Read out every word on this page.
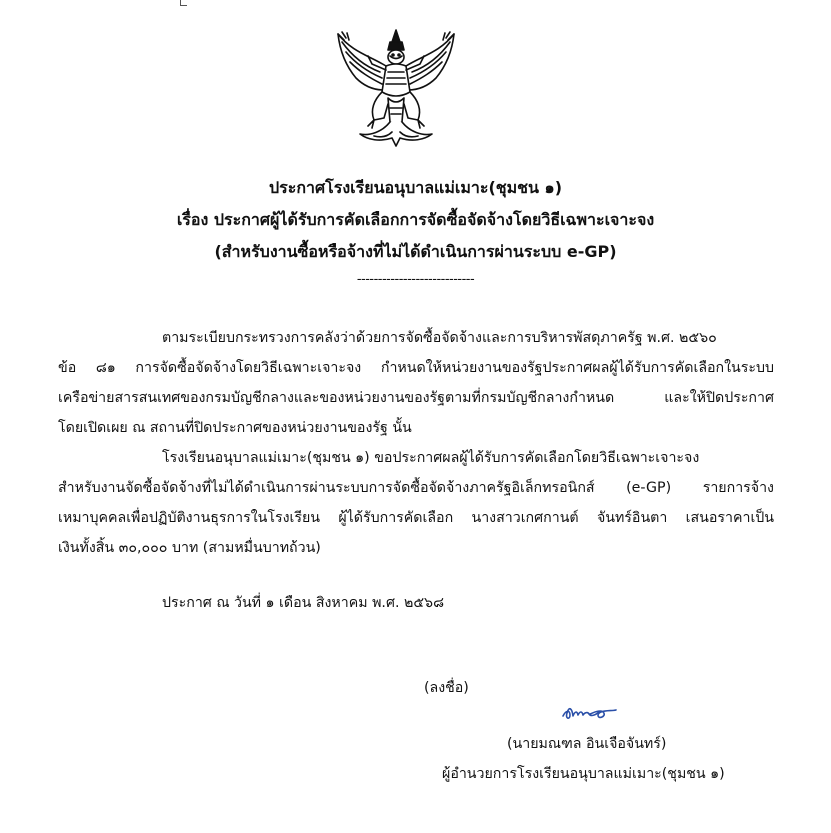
ประกาศโรงเรียนอนุบาลแม่เมาะ(ชุมชน ๑)
เรื่อง ประกาศผู้ได้รับการคัดเลือกการจัดซื้อจัดจ้างโดยวิธีเฉพาะเจาะจง
(สำหรับงานซื้อหรือจ้างที่ไม่ได้ดำเนินการผ่านระบบ e-GP)
----------------------------
ตามระเบียบกระทรวงการคลังว่าด้วยการจัดซื้อจัดจ้างและการบริหารพัสดุภาครัฐ พ.ศ. ๒๕๖๐
ข้อ ๘๑ การจัดซื้อจัดจ้างโดยวิธีเฉพาะเจาะจง กำหนดให้หน่วยงานของรัฐประกาศผลผู้ได้รับการคัดเลือกในระบบ
เครือข่ายสารสนเทศของกรมบัญชีกลางและของหน่วยงานของรัฐตามที่กรมบัญชีกลางกำหนด และให้ปิดประกาศ
โดยเปิดเผย ณ สถานที่ปิดประกาศของหน่วยงานของรัฐ นั้น
โรงเรียนอนุบาลแม่เมาะ(ชุมชน ๑) ขอประกาศผลผู้ได้รับการคัดเลือกโดยวิธีเฉพาะเจาะจง
สำหรับงานจัดซื้อจัดจ้างที่ไม่ได้ดำเนินการผ่านระบบการจัดซื้อจัดจ้างภาครัฐอิเล็กทรอนิกส์ (e-GP) รายการจ้าง
เหมาบุคคลเพื่อปฏิบัติงานธุรการในโรงเรียน ผู้ได้รับการคัดเลือก นางสาวเกศกานต์ จันทร์อินตา เสนอราคาเป็น
เงินทั้งสิ้น ๓๐,๐๐๐ บาท (สามหมื่นบาทถ้วน)
ประกาศ ณ วันที่ ๑ เดือน สิงหาคม พ.ศ. ๒๕๖๘
(ลงชื่อ)
(นายมณฑล อินเจือจันทร์)
ผู้อำนวยการโรงเรียนอนุบาลแม่เมาะ(ชุมชน ๑)
